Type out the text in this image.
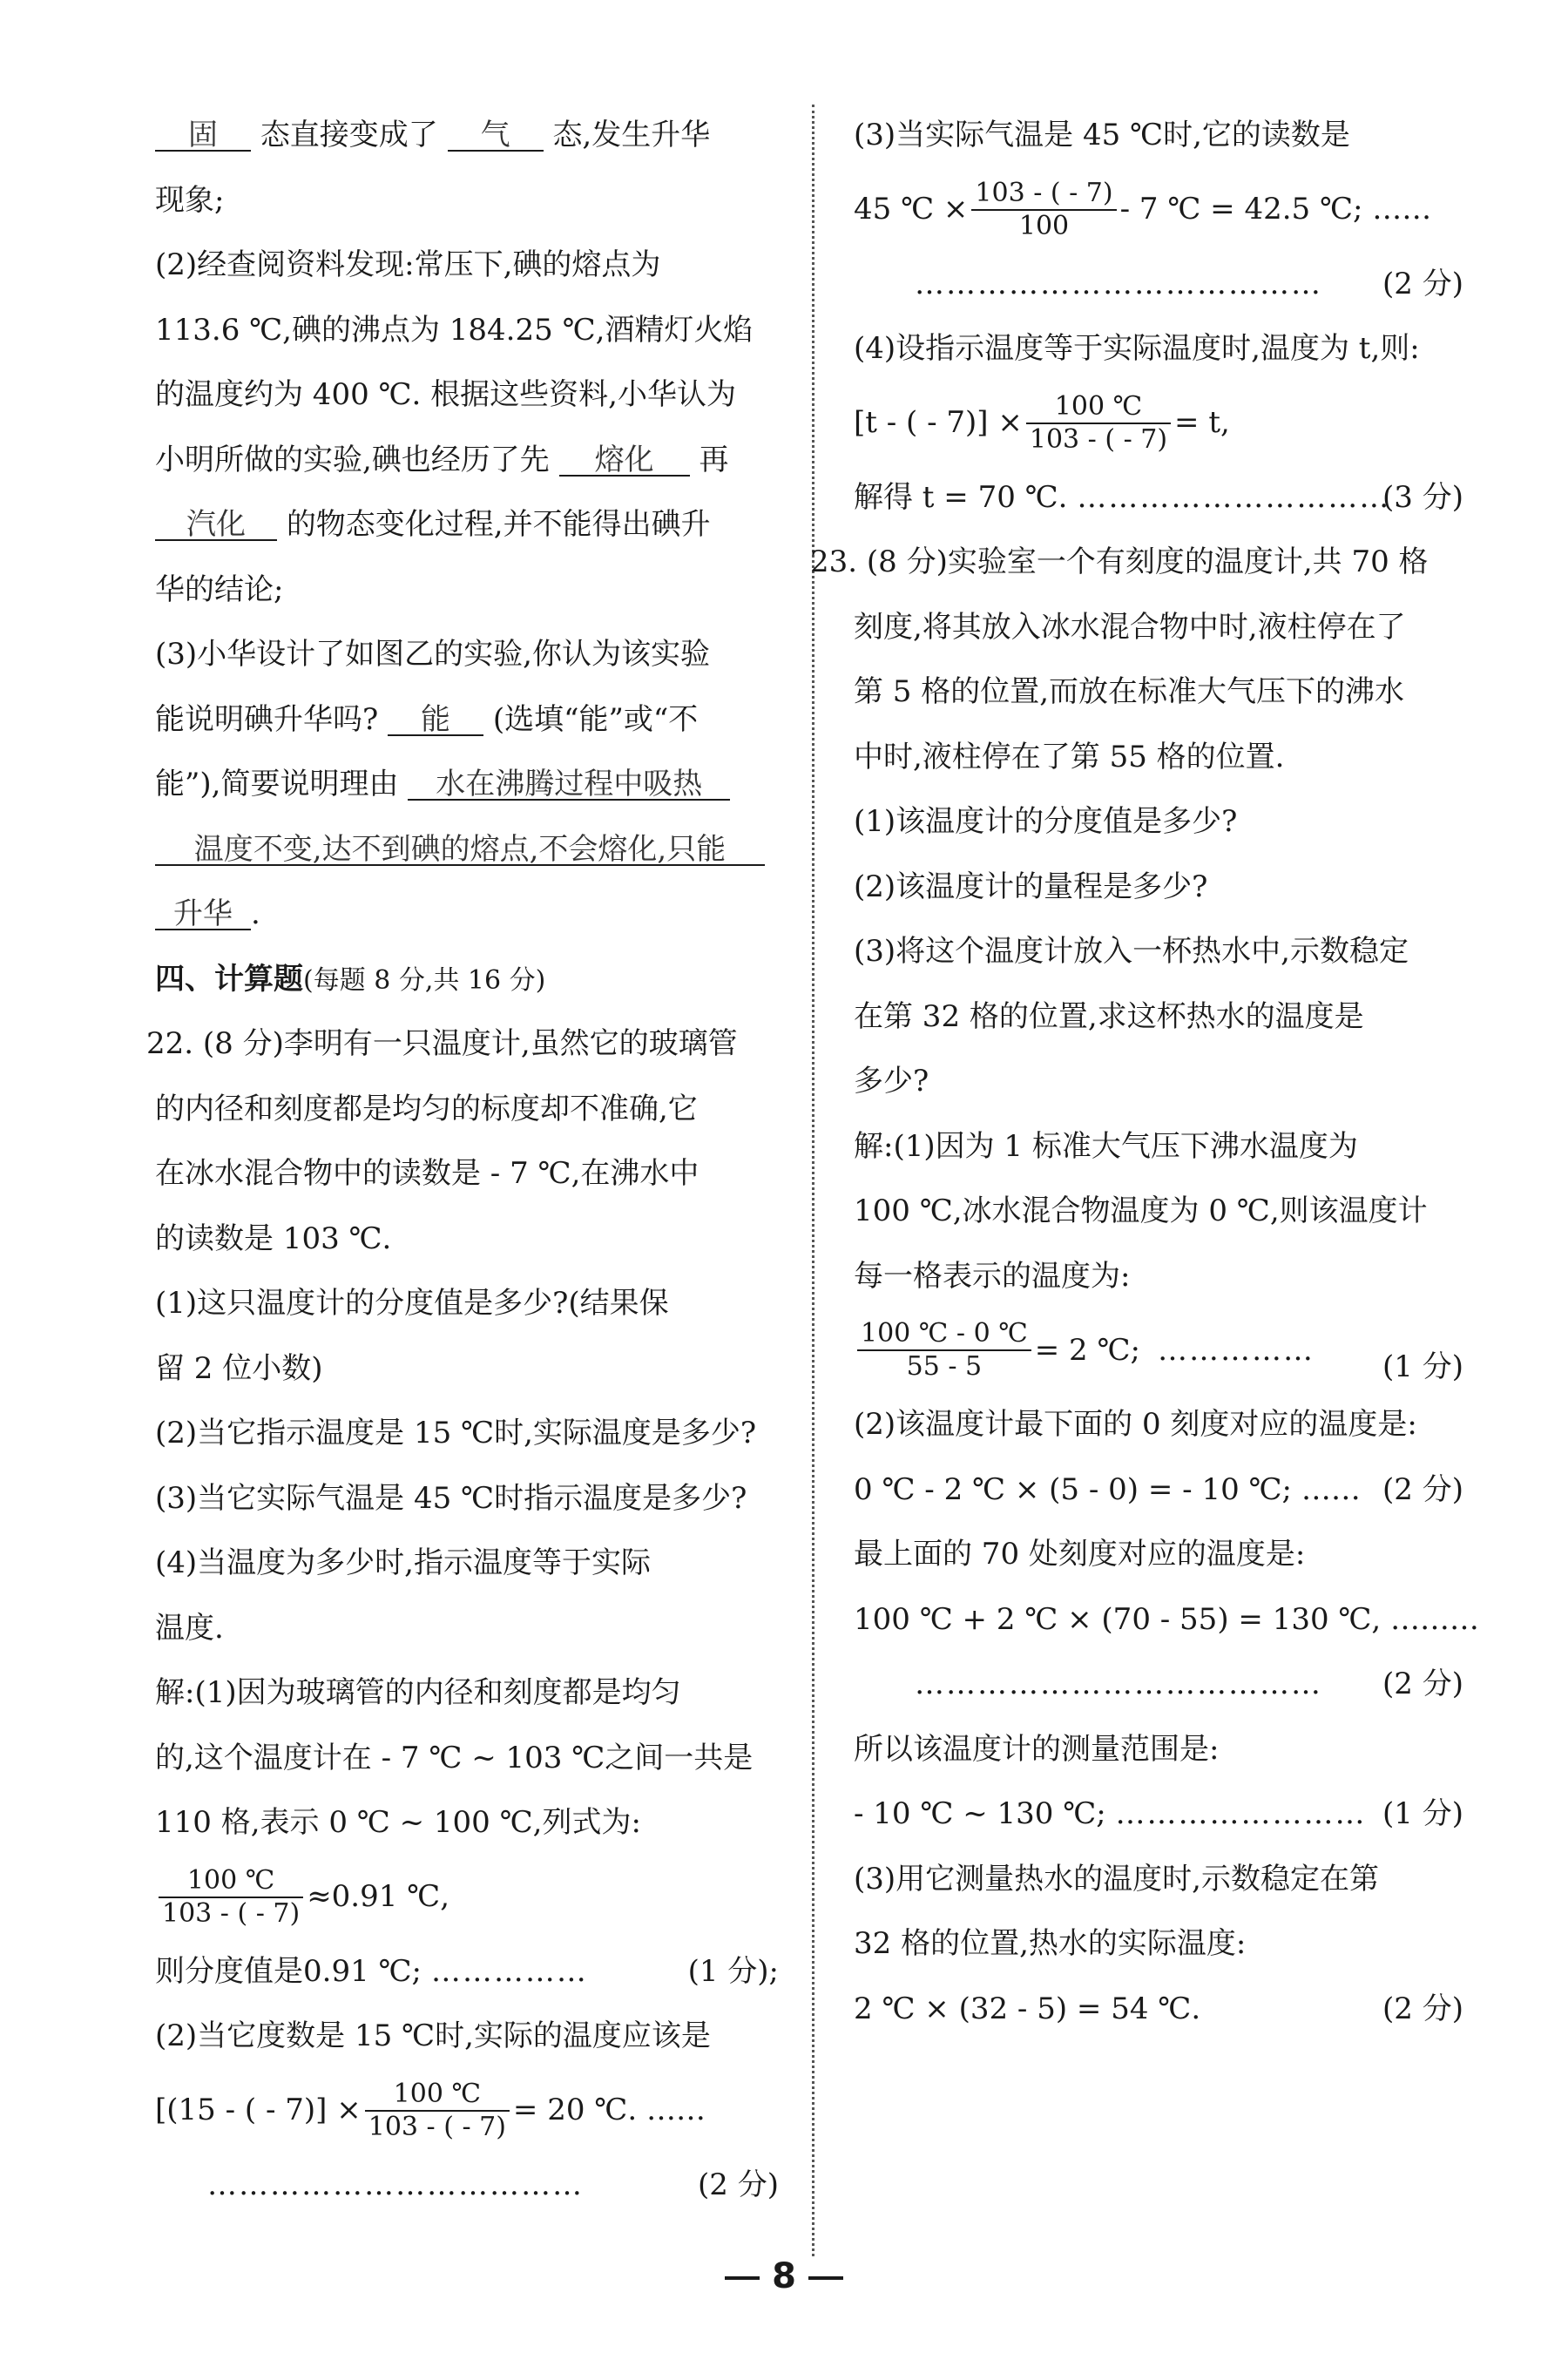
固 态直接变成了 气 态,发生升华
现象;
(2)经查阅资料发现:常压下,碘的熔点为
113.6 ℃,碘的沸点为 184.25 ℃,酒精灯火焰
的温度约为 400 ℃. 根据这些资料,小华认为
小明所做的实验,碘也经历了先 熔化 再
汽化 的物态变化过程,并不能得出碘升
华的结论;
(3)小华设计了如图乙的实验,你认为该实验
能说明碘升华吗? 能 (选填“能”或“不
能”),简要说明理由 水在沸腾过程中吸热
温度不变,达不到碘的熔点,不会熔化,只能
升华 .
四、计算题(每题 8 分,共 16 分)
22. (8 分)李明有一只温度计,虽然它的玻璃管
的内径和刻度都是均匀的标度却不准确,它
在冰水混合物中的读数是 - 7 ℃,在沸水中
的读数是 103 ℃.
(1)这只温度计的分度值是多少?(结果保
留 2 位小数)
(2)当它指示温度是 15 ℃时,实际温度是多少?
(3)当它实际气温是 45 ℃时指示温度是多少?
(4)当温度为多少时,指示温度等于实际
温度.
解:(1)因为玻璃管的内径和刻度都是均匀
的,这个温度计在 - 7 ℃ ~ 103 ℃之间一共是
110 格,表示 0 ℃ ~ 100 ℃,列式为:
$\frac{100 ℃}{103 - ( - 7)} \approx 0.91$ ℃,
则分度值是0.91 ℃; ……………	(1 分);
(2)当它度数是 15 ℃时,实际的温度应该是
[(15 - ( - $7)] \times \frac{100 ℃}{103 - ( - 7)} = 20$ ℃. ……
………………………………	(2 分)
(3)当实际气温是 45 ℃时,它的读数是
45 ℃ × $\frac{103 - ( - 7)}{100} - 7$ ℃ = 42.5 ℃; ……
………………………………… (2 分)
(4)设指示温度等于实际温度时,温度为 t,则:
[t - ( - $7)] \times \frac{100 ℃}{103 - ( - 7)} = t$,
解得 t = 70 ℃. …………………………
(3 分)
23. (8 分)实验室一个有刻度的温度计,共 70 格
刻度,将其放入冰水混合物中时,液柱停在了
第 5 格的位置,而放在标准大气压下的沸水
中时,液柱停在了第 55 格的位置.
(1)该温度计的分度值是多少?
(2)该温度计的量程是多少?
(3)将这个温度计放入一杯热水中,示数稳定
在第 32 格的位置,求这杯热水的温度是
多少?
解:(1)因为 1 标准大气压下沸水温度为
100 ℃,冰水混合物温度为 0 ℃,则该温度计
每一格表示的温度为:
$\frac{100 ℃ - 0 ℃}{55 - 5} = 2$ ℃; …………… (1 分)
(2)该温度计最下面的 0 刻度对应的温度是:
0 ℃ - 2 ℃ × (5 - 0) = - 10 ℃; …… (2 分)
最上面的 70 处刻度对应的温度是:
100 ℃ + 2 ℃ × (70 - 55) = 130 ℃, ………
………………………………… (2 分)
所以该温度计的测量范围是:
- 10 ℃ ~ 130 ℃; …………………… (1 分)
(3)用它测量热水的温度时,示数稳定在第
32 格的位置,热水的实际温度:
2 ℃ × (32 - 5) = 54 ℃.	(2 分)
8
